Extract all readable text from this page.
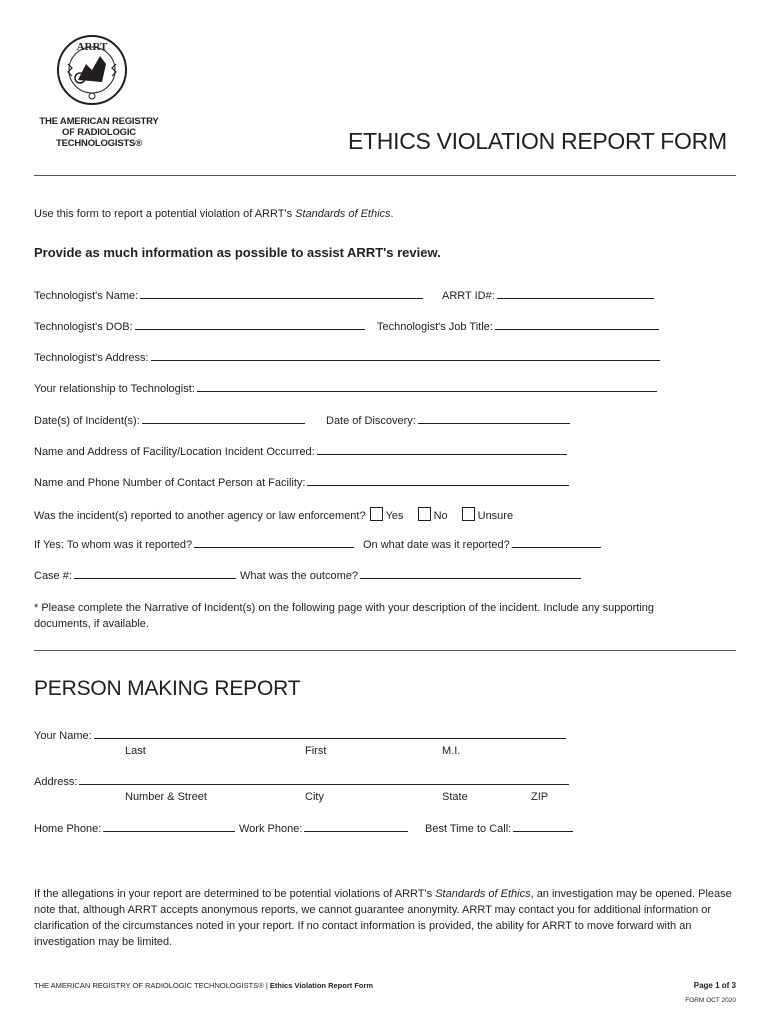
ARRT
THE AMERICAN REGISTRY
OF RADIOLOGIC
TECHNOLOGISTS®	ETHICS VIOLATION REPORT FORM
Use this form to report a potential violation of ARRT's Standards of Ethics.
Provide as much information as possible to assist ARRT's review.
Technologist's Name:	ARRT ID#:
Technologist's DOB:	Technologist's Job Title:
Technologist's Address:
Your relationship to Technologist:
Date(s) of Incident(s):	Date of Discovery:
Name and Address of Facility/Location Incident Occurred:
Name and Phone Number of Contact Person at Facility:
Was the incident(s) reported to another agency or law enforcement? Yes	No	Unsure
If Yes: To whom was it reported?	On what date was it reported?
Case #:	What was the outcome?
* Please complete the Narrative of Incident(s) on the following page with your description of the incident. Include any supporting documents, if available.
PERSON MAKING REPORT
Your Name:
Last	First	M.I.
Address:
Number & Street	City	State	ZIP
Home Phone:	Work Phone:	Best Time to Call:
If the allegations in your report are determined to be potential violations of ARRT's Standards of Ethics, an investigation may be opened. Please note that, although ARRT accepts anonymous reports, we cannot guarantee anonymity. ARRT may contact you for additional information or clarification of the circumstances noted in your report. If no contact information is provided, the ability for ARRT to move forward with an investigation may be limited.
THE AMERICAN REGISTRY OF RADIOLOGIC TECHNOLOGISTS® | Ethics Violation Report Form	Page 1 of 3
FORM OCT 2020
